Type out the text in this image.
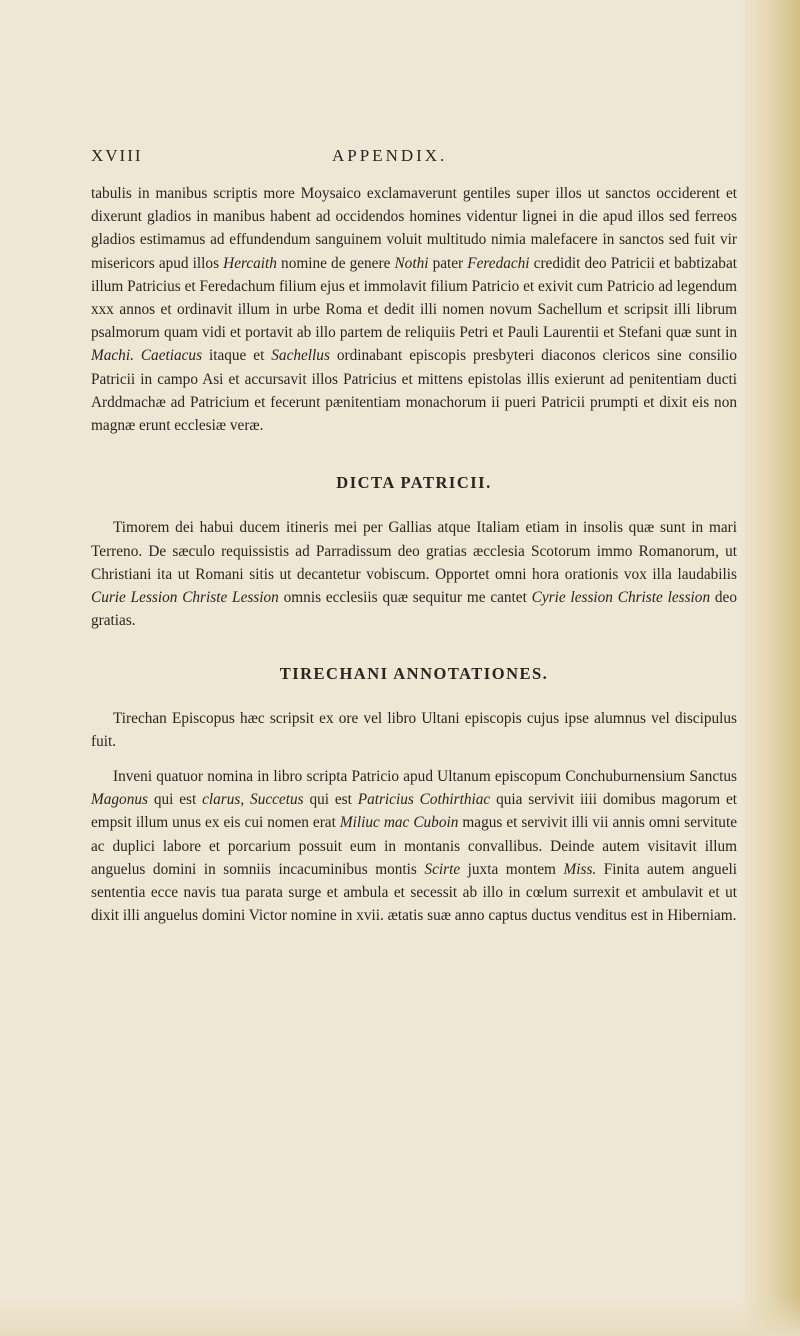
XVIII	APPENDIX.

tabulis in manibus scriptis more Moysaico exclamaverunt gentiles super illos ut sanctos occiderent et dixerunt gladios in manibus habent ad occidendos homines videntur lignei in die apud illos sed ferreos gladios estimamus ad effundendum sanguinem voluit multitudo nimia malefacere in sanctos sed fuit vir misericors apud illos Hercaith nomine de genere Nothi pater Feredachi credidit deo Patricii et babtizabat illum Patricius et Feredachum filium ejus et immolavit filium Patricio et exivit cum Patricio ad legendum xxx annos et ordinavit illum in urbe Roma et dedit illi nomen novum Sachellum et scripsit illi librum psalmorum quam vidi et portavit ab illo partem de reliquiis Petri et Pauli Laurentii et Stefani quæ sunt in Machi. Caetiacus itaque et Sachellus ordinabant episcopis presbyteri diaconos clericos sine consilio Patricii in campo Asi et accursavit illos Patricius et mittens epistolas illis exierunt ad penitentiam ducti Arddmachæ ad Patricium et fecerunt pænitentiam monachorum ii pueri Patricii prumpti et dixit eis non magnæ erunt ecclesiæ veræ.

DICTA PATRICII.

Timorem dei habui ducem itineris mei per Gallias atque Italiam etiam in insolis quæ sunt in mari Terreno. De sæculo requissistis ad Parradissum deo gratias æcclesia Scotorum immo Romanorum, ut Christiani ita ut Romani sitis ut decantetur vobiscum. Opportet omni hora orationis vox illa laudabilis Curie Lession Christe Lession omnis ecclesiis quæ sequitur me cantet Cyrie lession Christe lession deo gratias.

TIRECHANI ANNOTATIONES.

Tirechan Episcopus hæc scripsit ex ore vel libro Ultani episcopis cujus ipse alumnus vel discipulus fuit.

Inveni quatuor nomina in libro scripta Patricio apud Ultanum episcopum Conchuburnensium Sanctus Magonus qui est clarus, Succetus qui est Patricius Cothirthiac quia servivit iiii domibus magorum et empsit illum unus ex eis cui nomen erat Miliuc mac Cuboin magus et servivit illi vii annis omni servitute ac duplici labore et porcarium possuit eum in montanis convallibus. Deinde autem visitavit illum anguelus domini in somniis incacuminibus montis Scirte juxta montem Miss. Finita autem angueli sententia ecce navis tua parata surge et ambula et secessit ab illo in cœlum surrexit et ambulavit et ut dixit illi anguelus domini Victor nomine in xvii. ætatis suæ anno captus ductus venditus est in Hiberniam.
